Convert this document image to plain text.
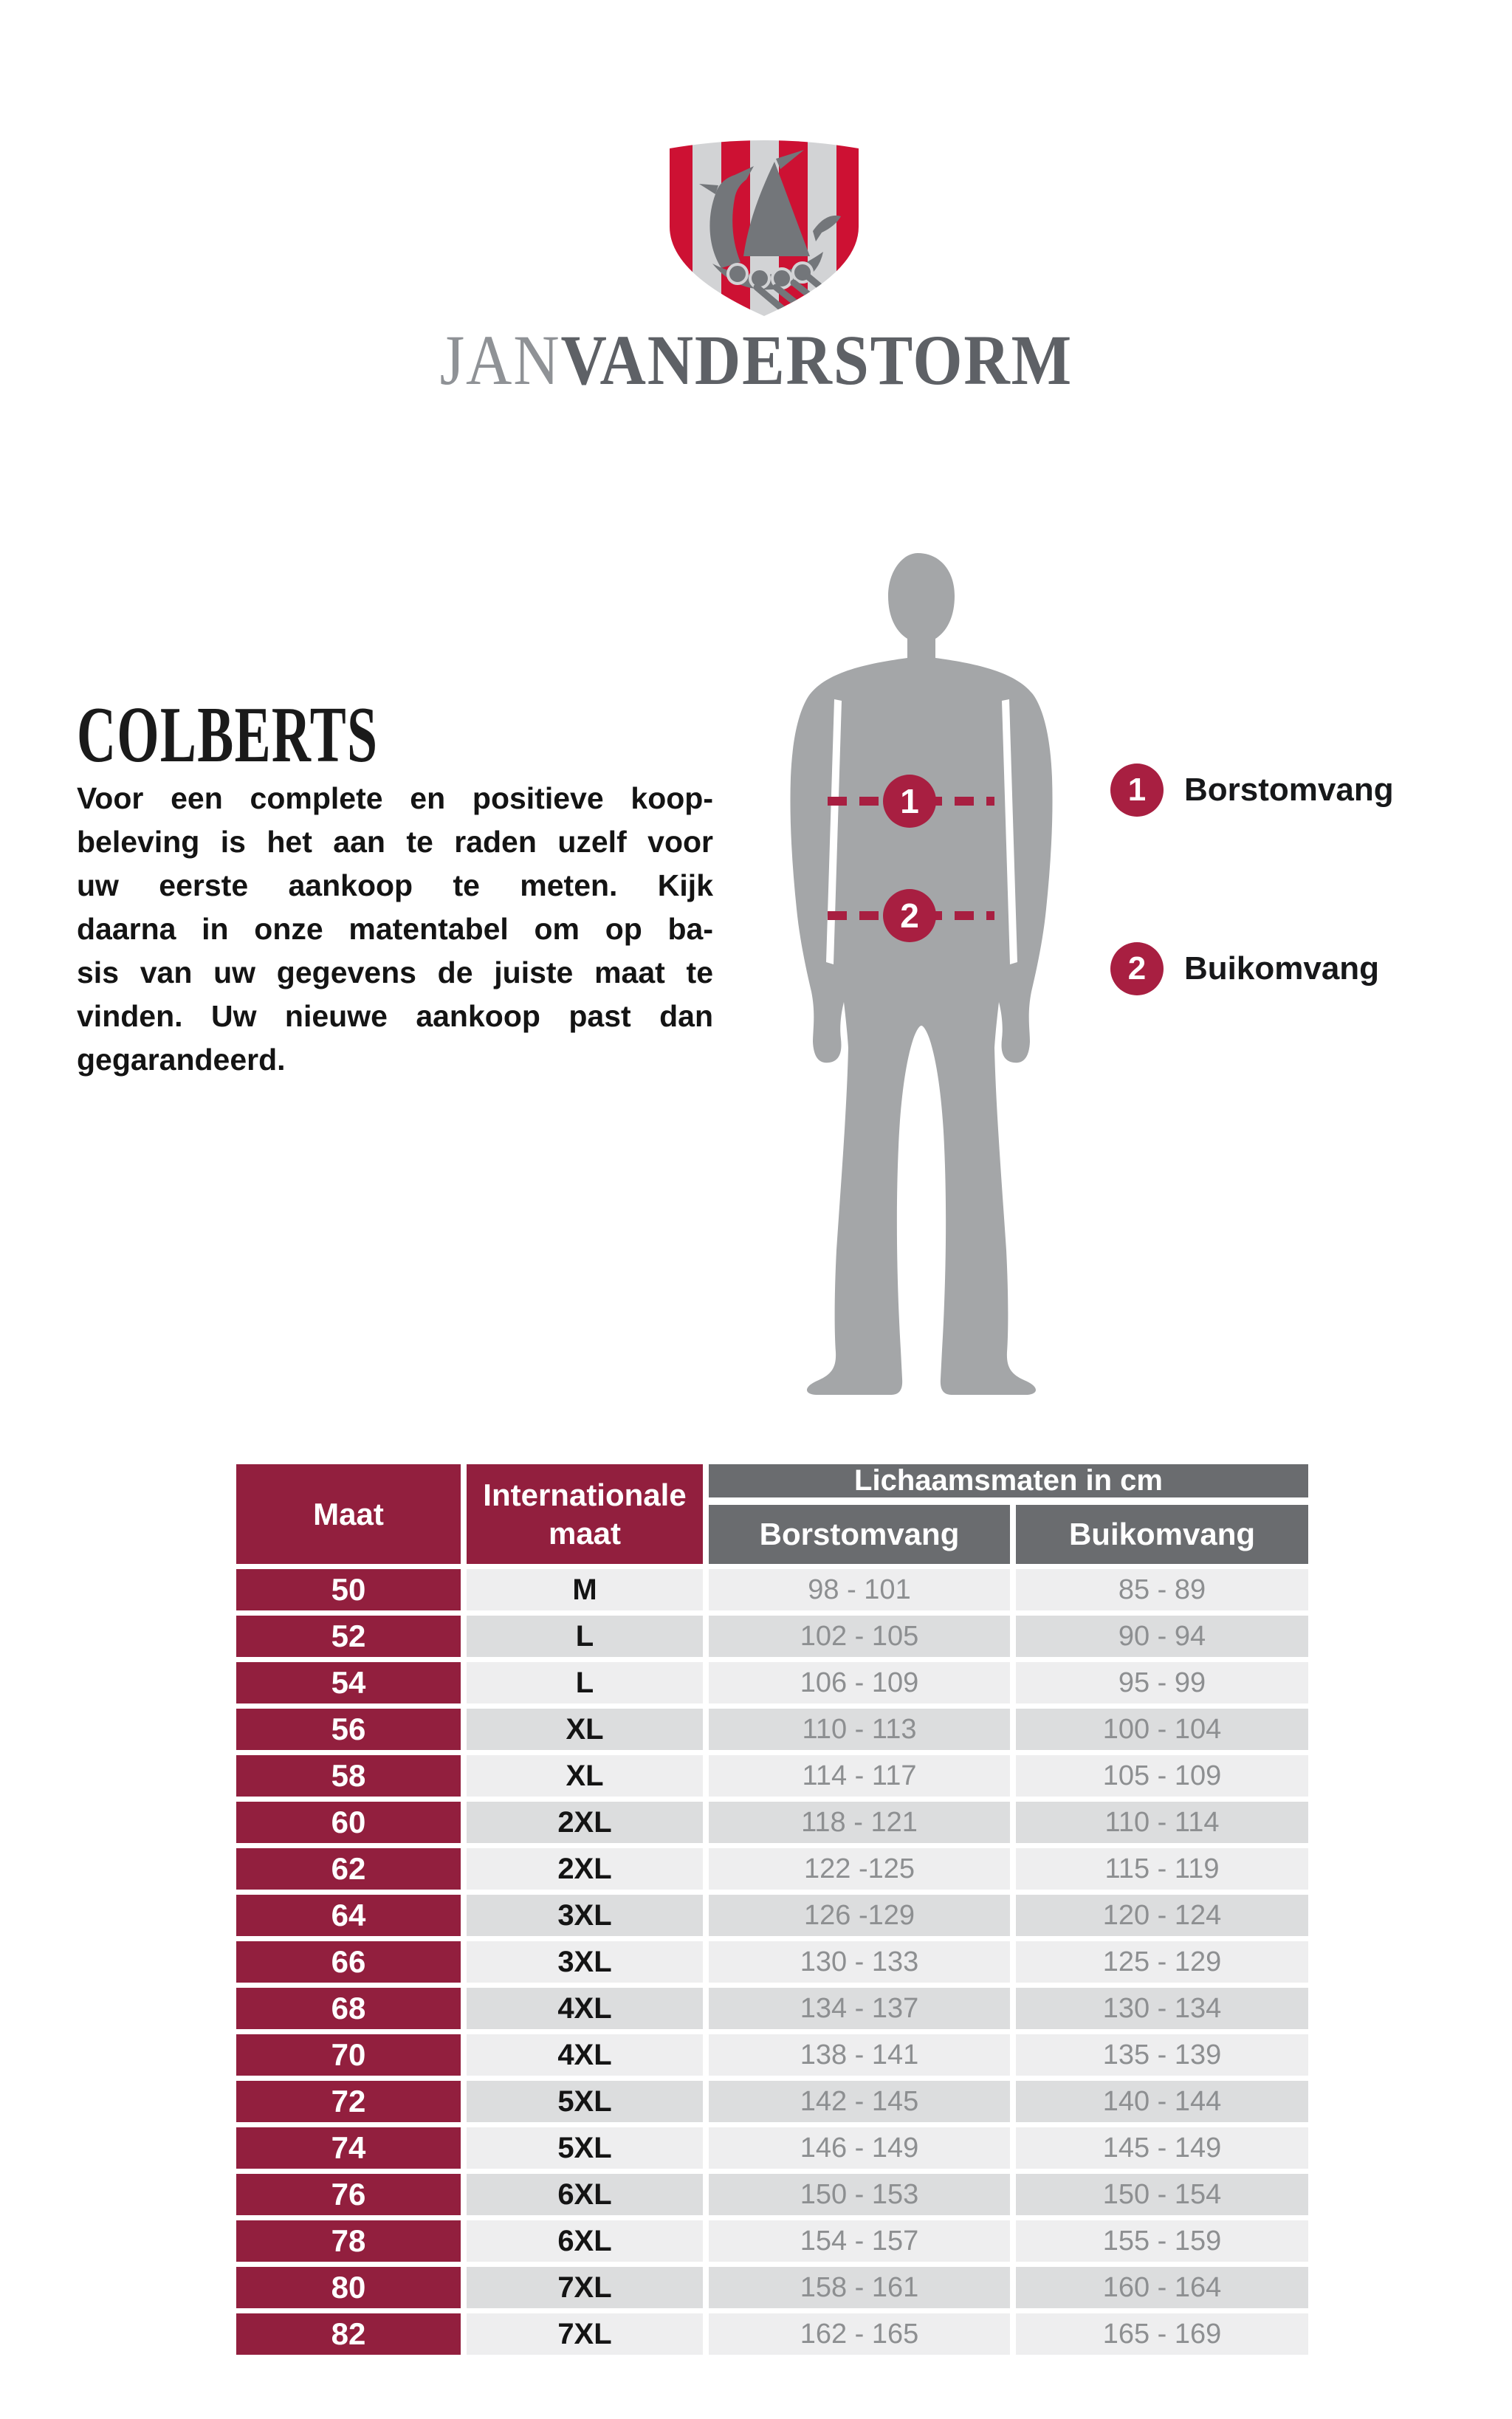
JANVANDERSTORM
COLBERTS
Voor een complete en positieve koop-
beleving is het aan te raden uzelf voor
uw eerste aankoop te meten. Kijk
daarna in onze matentabel om op ba-
sis van uw gegevens de juiste maat te
vinden. Uw nieuwe aankoop past dan
gegarandeerd.
1
2
1	Borstomvang
2	Buikomvang
Maat
Internationale maat
Lichaamsmaten in cm
Borstomvang	Buikomvang
50	M	98 - 101	85 - 89
52	L	102 - 105	90 - 94
54	L	106 - 109	95 - 99
56	XL	110 - 113	100 - 104
58	XL	114 - 117	105 - 109
60	2XL	118 - 121	110 - 114
62	2XL	122 -125	115 - 119
64	3XL	126 -129	120 - 124
66	3XL	130 - 133	125 - 129
68	4XL	134 - 137	130 - 134
70	4XL	138 - 141	135 - 139
72	5XL	142 - 145	140 - 144
74	5XL	146 - 149	145 - 149
76	6XL	150 - 153	150 - 154
78	6XL	154 - 157	155 - 159
80	7XL	158 - 161	160 - 164
82	7XL	162 - 165	165 - 169
